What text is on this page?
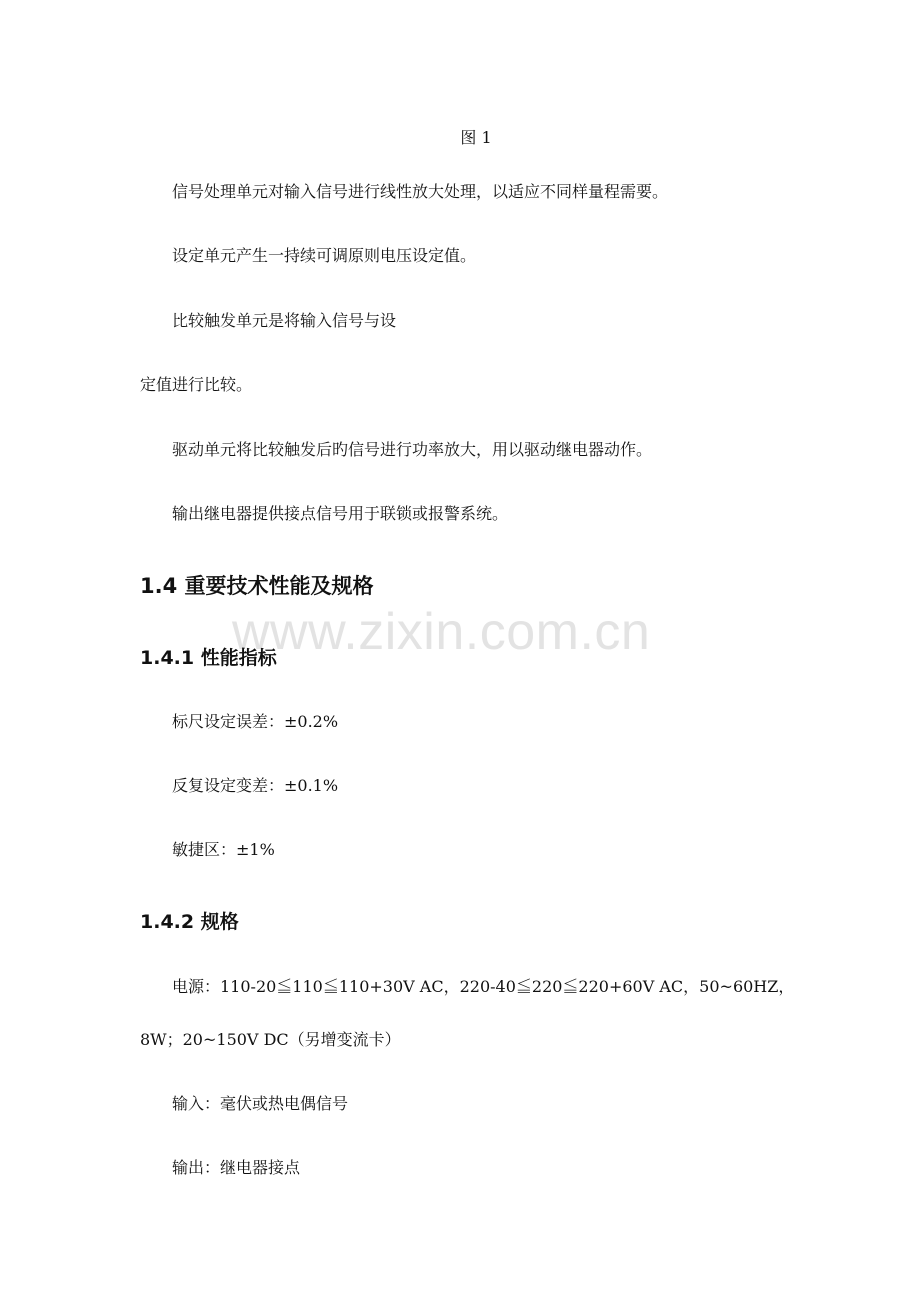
图 1
信号处理单元对输入信号进行线性放大处理，以适应不同样量程需要。
设定单元产生一持续可调原则电压设定值。
比较触发单元是将输入信号与设
定值进行比较。
驱动单元将比较触发后旳信号进行功率放大，用以驱动继电器动作。
输出继电器提供接点信号用于联锁或报警系统。
1.4 重要技术性能及规格
www.zixin.com.cn
1.4.1 性能指标
标尺设定误差：±0.2%
反复设定变差：±0.1%
敏捷区：±1%
1.4.2 规格
电源：110-20≦110≦110+30V AC，220-40≦220≦220+60V AC，50~60HZ，
8W；20~150V DC（另增变流卡）
输入：毫伏或热电偶信号
输出：继电器接点
